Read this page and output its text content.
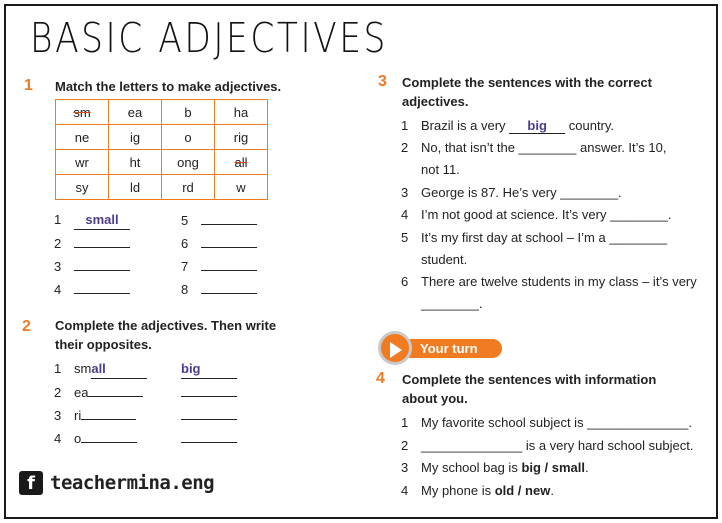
BASIC ADJECTIVES
1 Match the letters to make adjectives.
sm	ea	b	ha
ne	ig	o	rig
wr	ht	ong	all
sy	ld	rd	w
1 small
2
3
4
5
6
7
8
2 Complete the adjectives. Then write
their opposites.
1 small	big
2 ea
3 ri
4 o
f teachermina.eng
3 Complete the sentences with the correct
adjectives.
1 Brazil is a very big country.
2 No, that isn’t the ________ answer. It’s 10,
not 11.
3 George is 87. He’s very ________.
4 I’m not good at science. It’s very ________.
5 It’s my first day at school – I’m a ________
student.
6 There are twelve students in my class – it’s very
________.
Your turn
4 Complete the sentences with information
about you.
1 My favorite school subject is ______________.
2 ______________ is a very hard school subject.
3 My school bag is big / small.
4 My phone is old / new.
